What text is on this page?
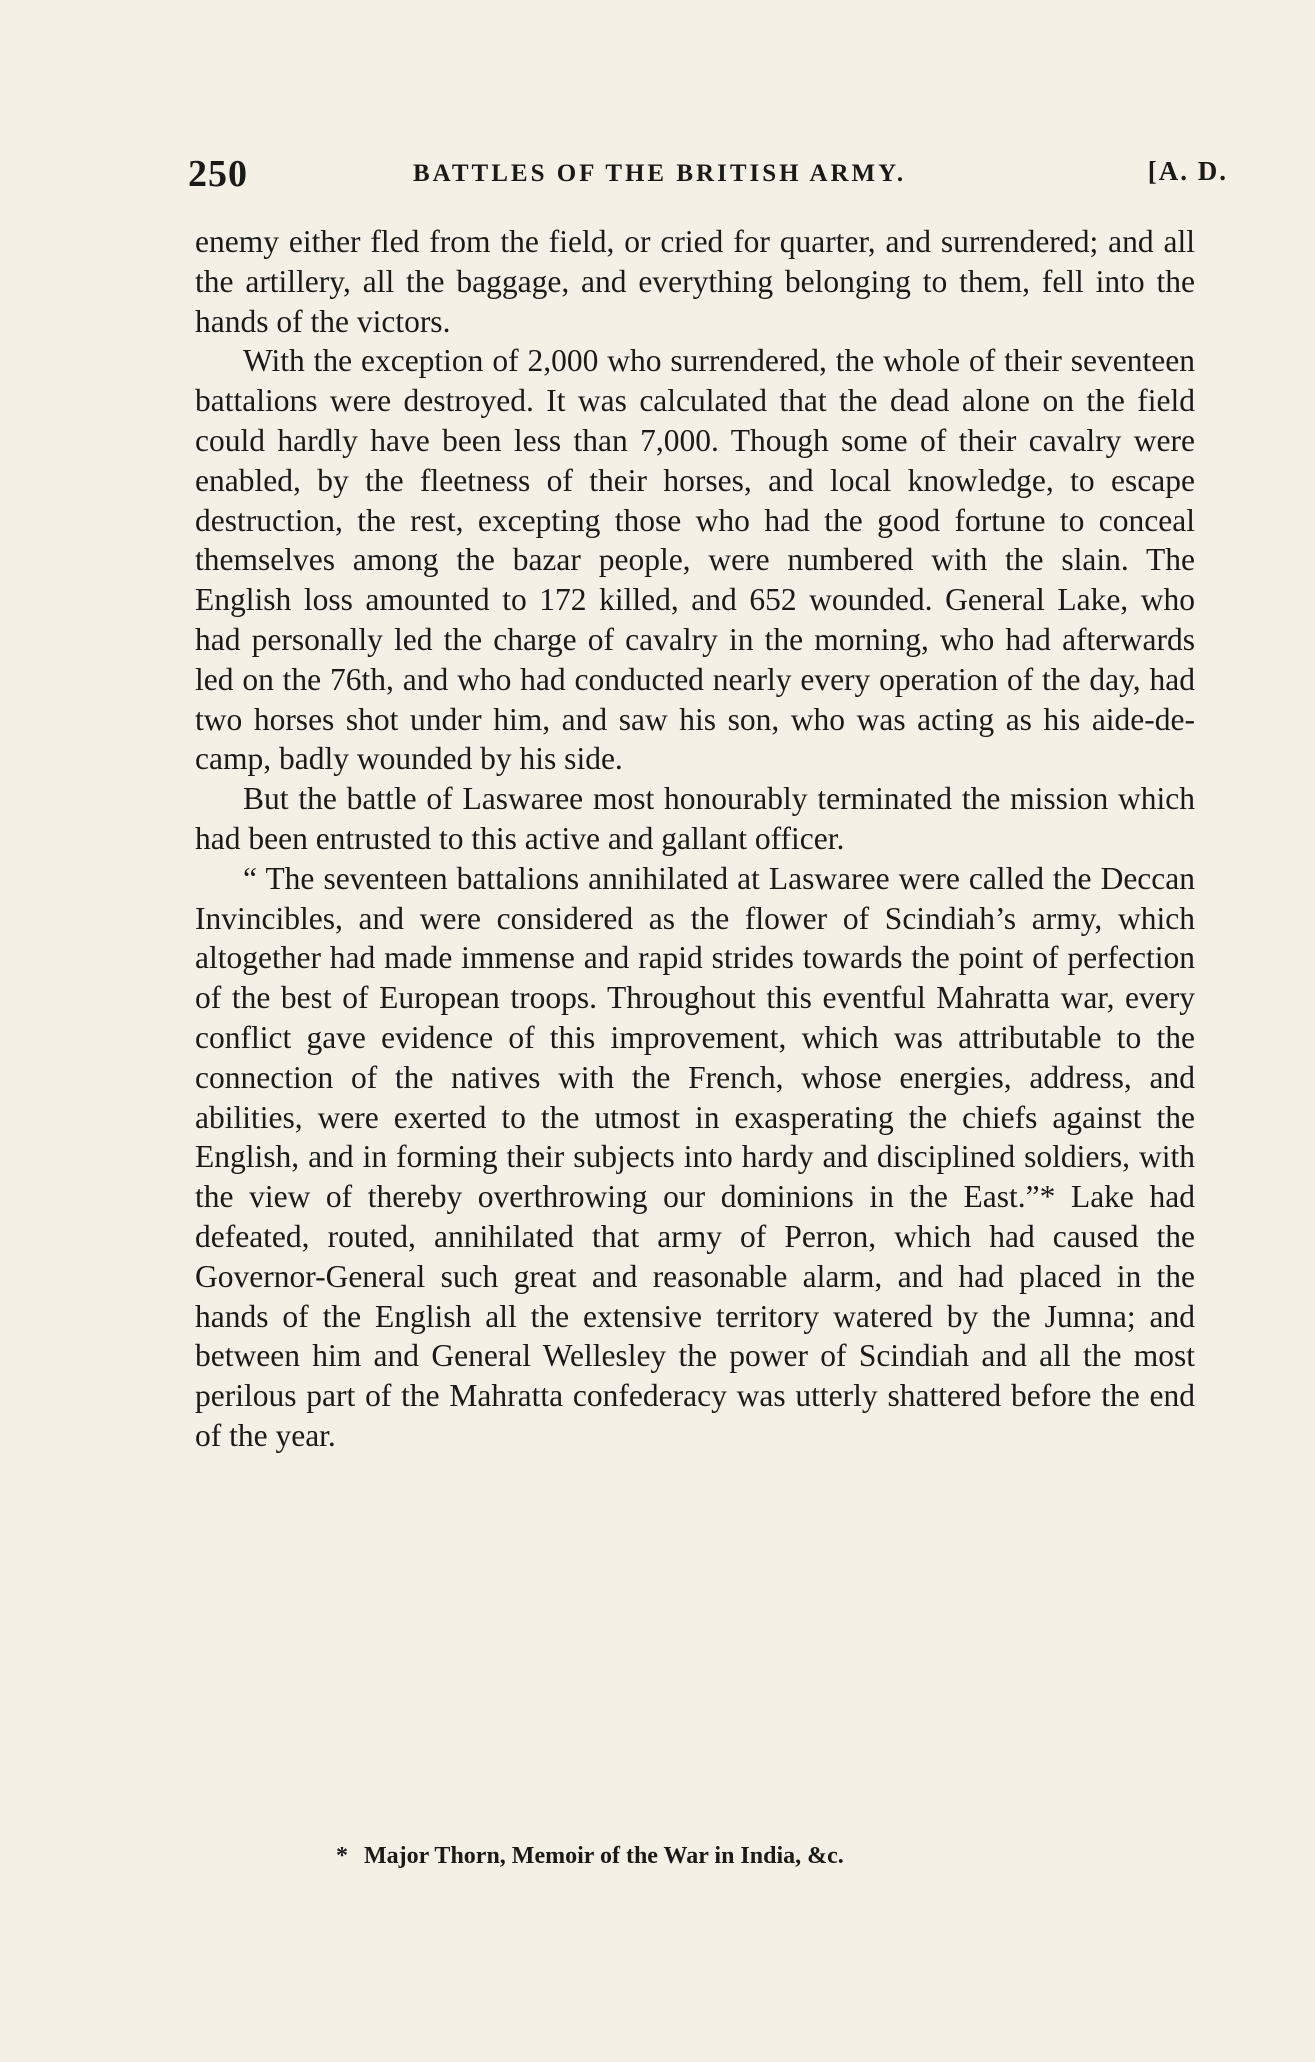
250	BATTLES OF THE BRITISH ARMY.	[A. D.

enemy either fled from the field, or cried for quarter, and surrendered; and all the artillery, all the baggage, and everything belonging to them, fell into the hands of the victors.

With the exception of 2,000 who surrendered, the whole of their seventeen battalions were destroyed. It was calculated that the dead alone on the field could hardly have been less than 7,000. Though some of their cavalry were enabled, by the fleetness of their horses, and local knowledge, to escape destruction, the rest, excepting those who had the good fortune to conceal themselves among the bazar people, were numbered with the slain. The English loss amounted to 172 killed, and 652 wounded. General Lake, who had personally led the charge of cavalry in the morning, who had afterwards led on the 76th, and who had conducted nearly every operation of the day, had two horses shot under him, and saw his son, who was acting as his aide-de-camp, badly wounded by his side.

But the battle of Laswaree most honourably terminated the mission which had been entrusted to this active and gallant officer.

“ The seventeen battalions annihilated at Laswaree were called the Deccan Invincibles, and were considered as the flower of Scindiah’s army, which altogether had made immense and rapid strides towards the point of perfection of the best of European troops. Throughout this eventful Mahratta war, every conflict gave evidence of this improvement, which was attributable to the connection of the natives with the French, whose energies, address, and abilities, were exerted to the utmost in exasperating the chiefs against the English, and in forming their subjects into hardy and disciplined soldiers, with the view of thereby overthrowing our dominions in the East.”* Lake had defeated, routed, annihilated that army of Perron, which had caused the Governor-General such great and reasonable alarm, and had placed in the hands of the English all the extensive territory watered by the Jumna; and between him and General Wellesley the power of Scindiah and all the most perilous part of the Mahratta confederacy was utterly shattered before the end of the year.

* Major Thorn, Memoir of the War in India, &c.
